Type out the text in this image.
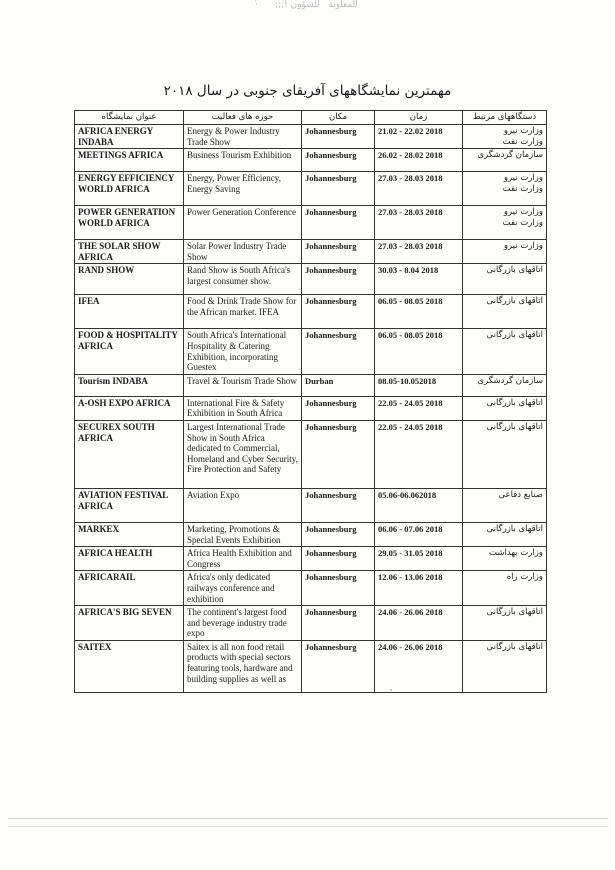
· ̀     ;;;! المعاونة   للشؤون
مهمترین نمایشگاههای آفریقای جنوبی در سال ۲۰۱۸
عنوان نمایشگاه	حوزه های فعالیت	مکان	زمان	دستگاههای مرتبط
AFRICA ENERGY INDABA	Energy & Power Industry Trade Show	Johannesburg	21.02 - 22.02 2018	وزارت نیرو
وزارت نفت

MEETINGS AFRICA	Business Tourism Exhibition	Johannesburg	26.02 - 28.02 2018	سازمان گردشگری

ENERGY EFFICIENCY WORLD AFRICA	Energy, Power Efficiency, Energy Saving	Johannesburg	27.03 - 28.03 2018	وزارت نیرو
وزارت نفت

POWER GENERATION WORLD AFRICA	Power Generation Conference	Johannesburg	27.03 - 28.03 2018	وزارت نیرو
وزارت نفت

THE SOLAR SHOW AFRICA	Solar Power Industry Trade Show	Johannesburg	27.03 - 28.03 2018	وزارت نیرو

RAND SHOW	Rand Show is South Africa's largest consumer show.	Johannesburg	30.03 - 8.04 2018	اتاقهای بازرگانی

IFEA	Food & Drink Trade Show for the African market. IFEA	Johannesburg	06.05 - 08.05 2018	اتاقهای بازرگانی

FOOD & HOSPITALITY AFRICA	South Africa's International Hospitality & Catering Exhibition, incorporating Guestex	Johannesburg	06.05 - 08.05 2018	اتاقهای بازرگانی

Tourism INDABA	Travel & Tourism Trade Show	Durban	08.05-10.052018	سازمان گردشگری

A-OSH EXPO AFRICA	International Fire & Safety Exhibition in South Africa	Johannesburg	22.05 - 24.05 2018	اتاقهای بازرگانی

SECUREX SOUTH AFRICA	Largest International Trade Show in South Africa dedicated to Commercial, Homeland and Cyber Security, Fire Protection and Safety	Johannesburg	22.05 - 24.05 2018	اتاقهای بازرگانی

AVIATION FESTIVAL AFRICA	Aviation Expo	Johannesburg	05.06-06.062018	صنایع دفاعی

MARKEX	Marketing, Promotions & Special Events Exhibition	Johannesburg	06.06 - 07.06 2018	اتاقهای بازرگانی

AFRICA HEALTH	Africa Health Exhibition and Congress	Johannesburg	29.05 - 31.05 2018	وزارت بهداشت

AFRICARAIL	Africa's only dedicated railways conference and exhibition	Johannesburg	12.06 - 13.06 2018	وزارت راه

AFRICA'S BIG SEVEN	The continent's largest food and beverage industry trade expo	Johannesburg	24.06 - 26.06 2018	اتاقهای بازرگانی

SAITEX	Saitex is all non food retail products with special sectors featuring tools, hardware and building supplies as well as	Johannesburg	24.06 - 26.06 2018	اتاقهای بازرگانی
